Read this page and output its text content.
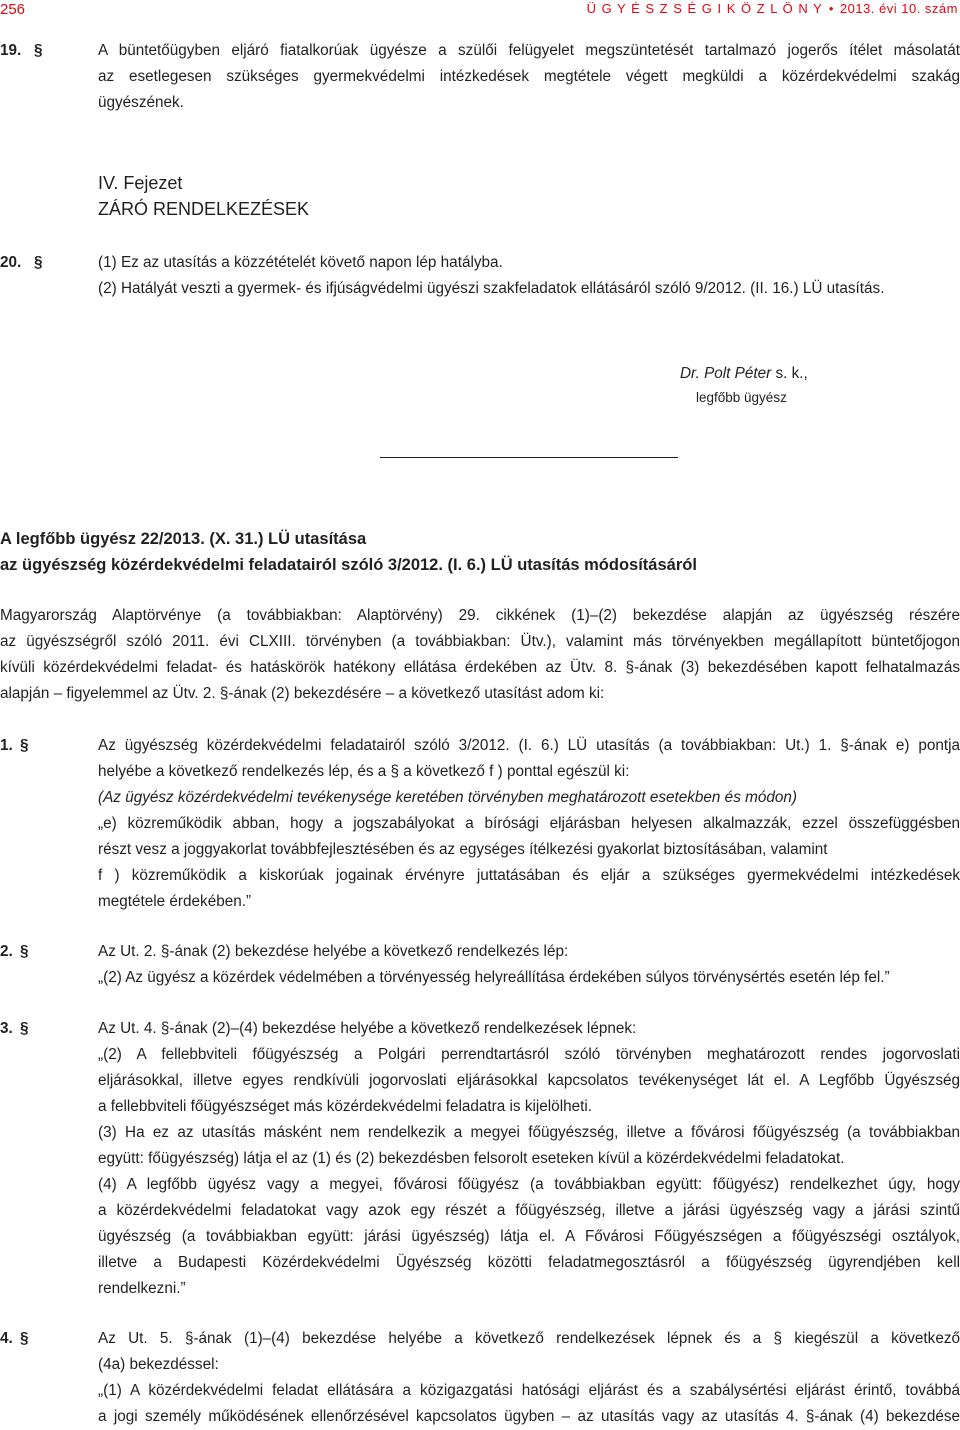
256	Ü G Y É S Z S É G I K Ö Z L Ö N Y • 2013. évi 10. szám
19. §	A büntetőügyben eljáró fiatalkorúak ügyésze a szülői felügyelet megszüntetését tartalmazó jogerős ítélet másolatát
az esetlegesen szükséges gyermekvédelmi intézkedések megtétele végett megküldi a közérdekvédelmi szakág
ügyészének.
IV. Fejezet
ZÁRÓ RENDELKEZÉSEK
20. §	(1) Ez az utasítás a közzétételét követő napon lép hatályba.
(2) Hatályát veszti a gyermek- és ifjúságvédelmi ügyészi szakfeladatok ellátásáról szóló 9/2012. (II. 16.) LÜ utasítás.
Dr. Polt Péter s. k.,
legfőbb ügyész
A legfőbb ügyész 22/2013. (X. 31.) LÜ utasítása
az ügyészség közérdekvédelmi feladatairól szóló 3/2012. (I. 6.) LÜ utasítás módosításáról
Magyarország Alaptörvénye (a továbbiakban: Alaptörvény) 29. cikkének (1)–(2) bekezdése alapján az ügyészség részére
az ügyészségről szóló 2011. évi CLXIII. törvényben (a továbbiakban: Ütv.), valamint más törvényekben megállapított büntetőjogon
kívüli közérdekvédelmi feladat- és hatáskörök hatékony ellátása érdekében az Ütv. 8. §-ának (3) bekezdésében kapott felhatalmazás
alapján – figyelemmel az Ütv. 2. §-ának (2) bekezdésére – a következő utasítást adom ki:
1. §	Az ügyészség közérdekvédelmi feladatairól szóló 3/2012. (I. 6.) LÜ utasítás (a továbbiakban: Ut.) 1. §-ának e) pontja
helyébe a következő rendelkezés lép, és a § a következő f ) ponttal egészül ki:
(Az ügyész közérdekvédelmi tevékenysége keretében törvényben meghatározott esetekben és módon)
„e) közreműködik abban, hogy a jogszabályokat a bírósági eljárásban helyesen alkalmazzák, ezzel összefüggésben
részt vesz a joggyakorlat továbbfejlesztésében és az egységes ítélkezési gyakorlat biztosításában, valamint
f ) közreműködik a kiskorúak jogainak érvényre juttatásában és eljár a szükséges gyermekvédelmi intézkedések
megtétele érdekében.”
2. §	Az Ut. 2. §-ának (2) bekezdése helyébe a következő rendelkezés lép:
„(2) Az ügyész a közérdek védelmében a törvényesség helyreállítása érdekében súlyos törvénysértés esetén lép fel.”
3. §	Az Ut. 4. §-ának (2)–(4) bekezdése helyébe a következő rendelkezések lépnek:
„(2) A fellebbviteli főügyészség a Polgári perrendtartásról szóló törvényben meghatározott rendes jogorvoslati
eljárásokkal, illetve egyes rendkívüli jogorvoslati eljárásokkal kapcsolatos tevékenységet lát el. A Legfőbb Ügyészség
a fellebbviteli főügyészséget más közérdekvédelmi feladatra is kijelölheti.
(3) Ha ez az utasítás másként nem rendelkezik a megyei főügyészség, illetve a fővárosi főügyészség (a továbbiakban
együtt: főügyészség) látja el az (1) és (2) bekezdésben felsorolt eseteken kívül a közérdekvédelmi feladatokat.
(4) A legfőbb ügyész vagy a megyei, fővárosi főügyész (a továbbiakban együtt: főügyész) rendelkezhet úgy, hogy
a közérdekvédelmi feladatokat vagy azok egy részét a főügyészség, illetve a járási ügyészség vagy a járási szintű
ügyészség (a továbbiakban együtt: járási ügyészség) látja el. A Fővárosi Főügyészségen a főügyészségi osztályok,
illetve a Budapesti Közérdekvédelmi Ügyészség közötti feladatmegosztásról a főügyészség ügyrendjében kell
rendelkezni.”
4. §	Az Ut. 5. §-ának (1)–(4) bekezdése helyébe a következő rendelkezések lépnek és a § kiegészül a következő
(4a) bekezdéssel:
„(1) A közérdekvédelmi feladat ellátására a közigazgatási hatósági eljárást és a szabálysértési eljárást érintő, továbbá
a jogi személy működésének ellenőrzésével kapcsolatos ügyben – az utasítás vagy az utasítás 4. §-ának (4) bekezdése
